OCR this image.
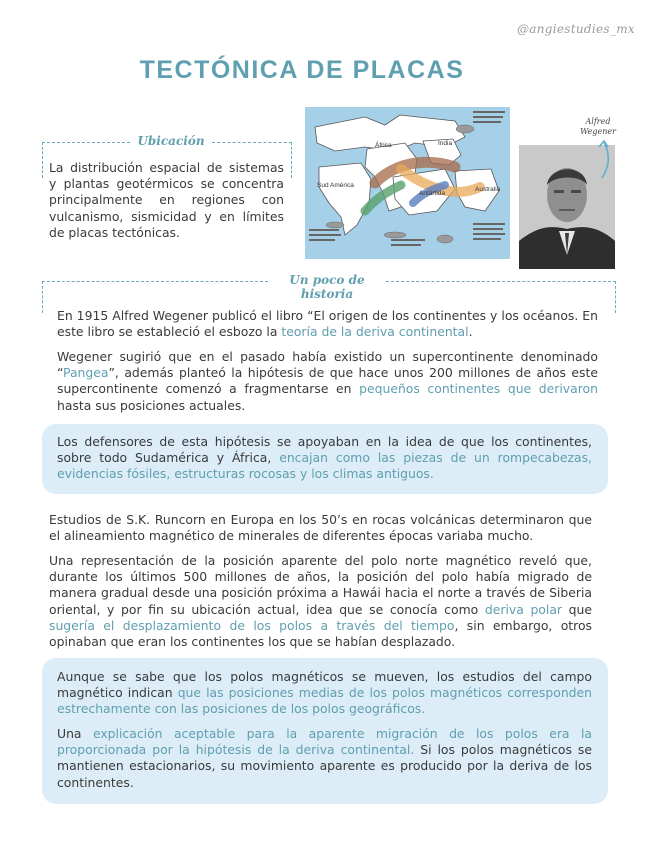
@angiestudies_mx
TECTÓNICA DE PLACAS
Ubicación

La distribución espacial de sistemas y plantas geotérmicos se concentra principalmente en regiones con vulcanismo, sismicidad y en límites de placas tectónicas.

África	India
Sud América
Antártida
Australia
Alfred
Wegener
Un poco de historia

En 1915 Alfred Wegener publicó el libro “El origen de los continentes y los océanos. En este libro se estableció el esbozo la teoría de la deriva continental.

Wegener sugirió que en el pasado había existido un supercontinente denominado “Pangea”, además planteó la hipótesis de que hace unos 200 millones de años este supercontinente comenzó a fragmentarse en pequeños continentes que derivaron hasta sus posiciones actuales.

Los defensores de esta hipótesis se apoyaban en la idea de que los continentes, sobre todo Sudamérica y África, encajan como las piezas de un rompecabezas, evidencias fósiles, estructuras rocosas y los climas antiguos.

Estudios de S.K. Runcorn en Europa en los 50’s en rocas volcánicas determinaron que el alineamiento magnético de minerales de diferentes épocas variaba mucho.

Una representación de la posición aparente del polo norte magnético reveló que, durante los últimos 500 millones de años, la posición del polo había migrado de manera gradual desde una posición próxima a Hawái hacia el norte a través de Siberia oriental, y por fin su ubicación actual, idea que se conocía como deriva polar que sugería el desplazamiento de los polos a través del tiempo, sin embargo, otros opinaban que eran los continentes los que se habían desplazado.

Aunque se sabe que los polos magnéticos se mueven, los estudios del campo magnético indican que las posiciones medias de los polos magnéticos corresponden estrechamente con las posiciones de los polos geográficos.

Una explicación aceptable para la aparente migración de los polos era la proporcionada por la hipótesis de la deriva continental. Si los polos magnéticos se mantienen estacionarios, su movimiento aparente es producido por la deriva de los continentes.
